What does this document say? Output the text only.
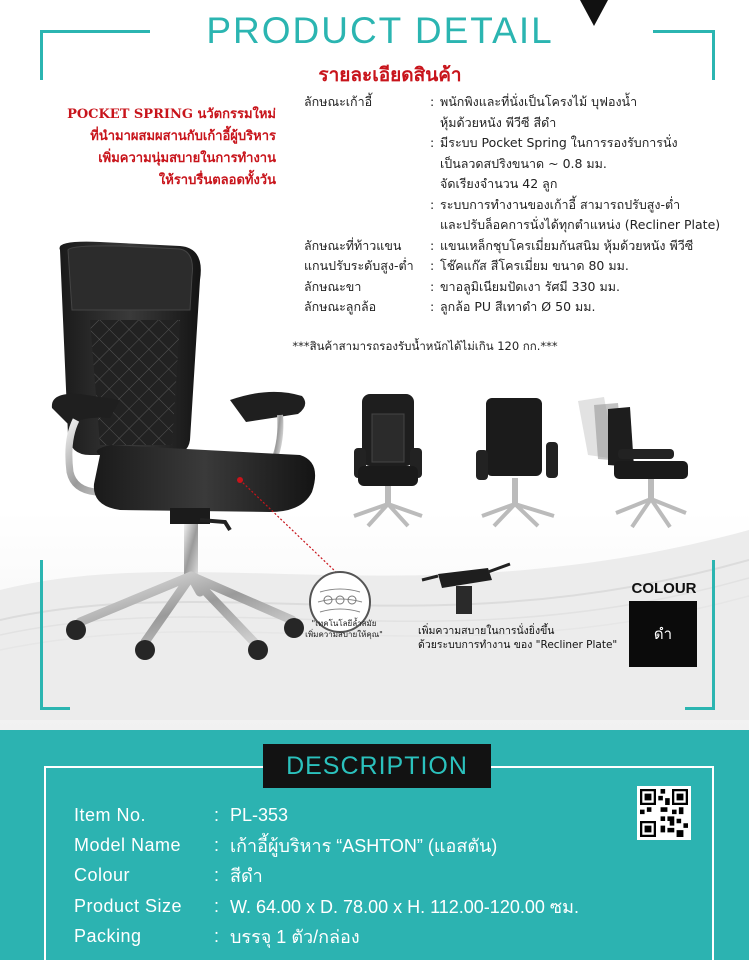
PRODUCT DETAIL
รายละเอียดสินค้า
POCKET SPRING นวัตกรรมใหม่
ที่นำมาผสมผสานกับเก้าอี้ผู้บริหาร
เพิ่มความนุ่มสบายในการทำงาน
ให้ราบรื่นตลอดทั้งวัน
ลักษณะเก้าอี้	: พนักพิงและที่นั่งเป็นโครงไม้ บุฟองน้ำ
หุ้มด้วยหนัง พีวีซี สีดำ
: มีระบบ Pocket Spring ในการรองรับการนั่ง
เป็นลวดสปริงขนาด ~ 0.8 มม.
จัดเรียงจำนวน 42 ลูก
: ระบบการทำงานของเก้าอี้ สามารถปรับสูง-ต่ำ
และปรับล็อคการนั่งได้ทุกตำแหน่ง (Recliner Plate)
ลักษณะที่ท้าวแขน	: แขนเหล็กชุบโครเมี่ยมกันสนิม หุ้มด้วยหนัง พีวีซี
แกนปรับระดับสูง-ต่ำ	: โช๊คแก๊ส สีโครเมี่ยม ขนาด 80 มม.
ลักษณะขา	: ขาอลูมิเนียมปัดเงา รัศมี 330 มม.
ลักษณะลูกล้อ	: ลูกล้อ PU สีเทาดำ Ø 50 มม.
***สินค้าสามารถรองรับน้ำหนักได้ไม่เกิน 120 กก.***
"เทคโนโลยีล้ำสมัย
เพิ่มความสบายให้คุณ"	เพิ่มความสบายในการนั่งยิ่งขึ้น
ด้วยระบบการทำงาน ของ "Recliner Plate"
COLOUR
ดำ
DESCRIPTION
Item No.	: PL-353
Model Name	: เก้าอี้ผู้บริหาร “ASHTON” (แอสตัน)
Colour	: สีดำ
Product Size	: W. 64.00 x D. 78.00 x H. 112.00-120.00 ซม.
Packing	: บรรจุ 1 ตัว/กล่อง
